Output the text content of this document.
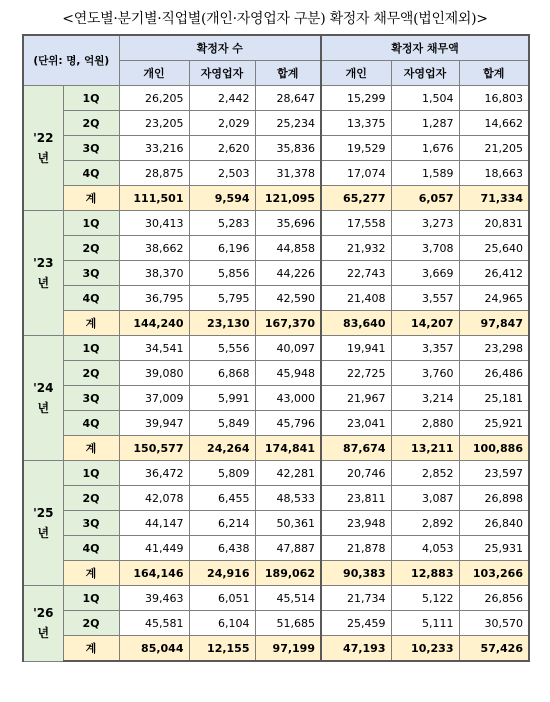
<연도별·분기별·직업별(개인·자영업자 구분) 확정자 채무액(법인제외)>
(단위: 명, 억원)		확정자 수			확정자 채무액		
		개인	자영업자	합계	개인	자영업자	합계

'22
년	1Q	26,205	2,442	28,647	15,299	1,504	16,803
	2Q	23,205	2,029	25,234	13,375	1,287	14,662
	3Q	33,216	2,620	35,836	19,529	1,676	21,205
	4Q	28,875	2,503	31,378	17,074	1,589	18,663
	계	111,501	9,594	121,095	65,277	6,057	71,334

'23
년	1Q	30,413	5,283	35,696	17,558	3,273	20,831
	2Q	38,662	6,196	44,858	21,932	3,708	25,640
	3Q	38,370	5,856	44,226	22,743	3,669	26,412
	4Q	36,795	5,795	42,590	21,408	3,557	24,965
	계	144,240	23,130	167,370	83,640	14,207	97,847

'24
년	1Q	34,541	5,556	40,097	19,941	3,357	23,298
	2Q	39,080	6,868	45,948	22,725	3,760	26,486
	3Q	37,009	5,991	43,000	21,967	3,214	25,181
	4Q	39,947	5,849	45,796	23,041	2,880	25,921
	계	150,577	24,264	174,841	87,674	13,211	100,886

'25
년	1Q	36,472	5,809	42,281	20,746	2,852	23,597
	2Q	42,078	6,455	48,533	23,811	3,087	26,898
	3Q	44,147	6,214	50,361	23,948	2,892	26,840
	4Q	41,449	6,438	47,887	21,878	4,053	25,931
	계	164,146	24,916	189,062	90,383	12,883	103,266

'26
년	1Q	39,463	6,051	45,514	21,734	5,122	26,856
	2Q	45,581	6,104	51,685	25,459	5,111	30,570
	계	85,044	12,155	97,199	47,193	10,233	57,426
